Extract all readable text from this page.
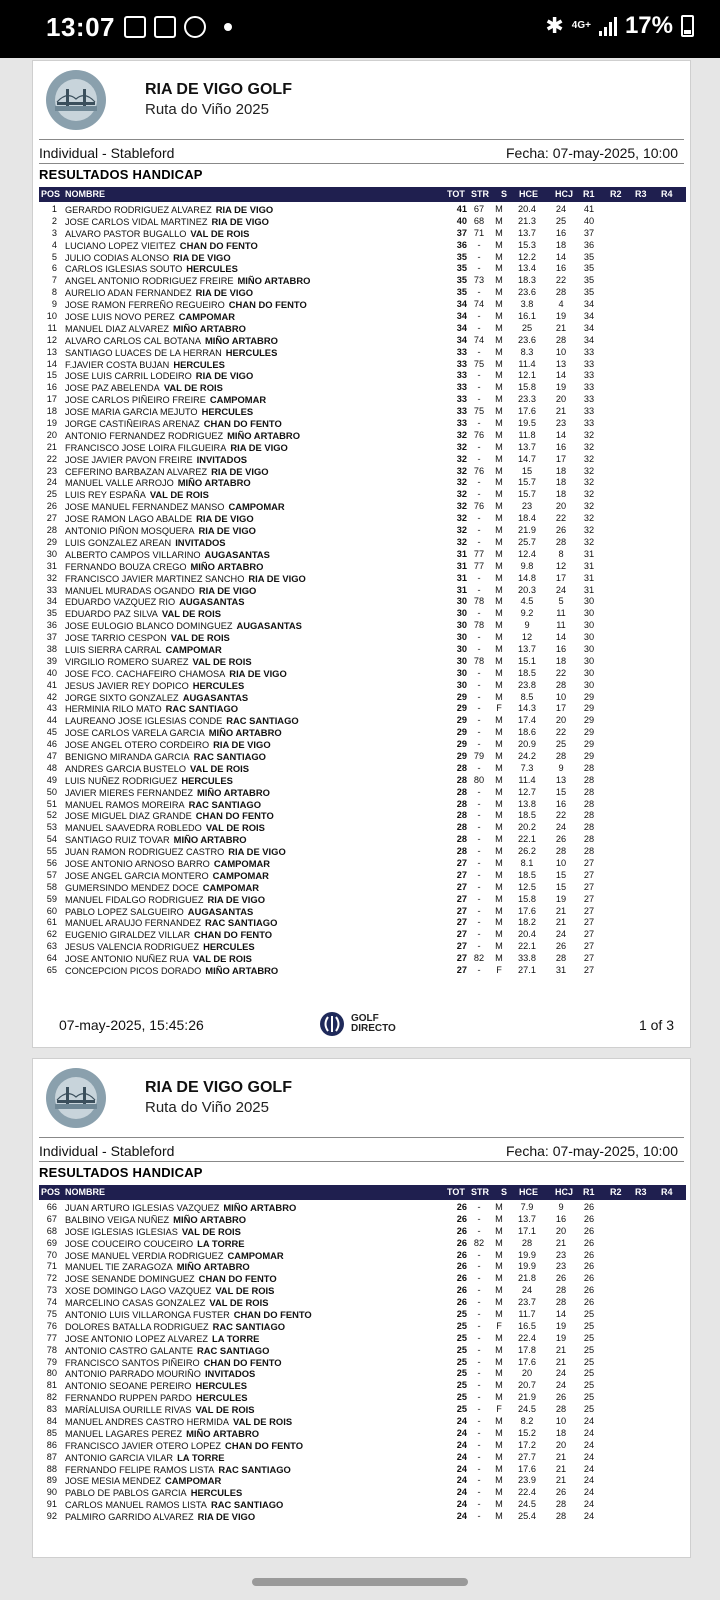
13:07	✱ 4G+ 17%
RIA DE VIGO GOLF
Ruta do Viño 2025
Individual - Stableford	Fecha: 07-may-2025, 10:00
RESULTADOS HANDICAP
POS NOMBRE	TOT STR S HCE HCJ R1 R2 R3 R4
1 GERARDO RODRIGUEZ ALVAREZ RIA DE VIGO	41 67	M	20.4	24	41
2 JOSE CARLOS VIDAL MARTINEZ RIA DE VIGO	40 68	M	21.3	25	40
3 ALVARO PASTOR BUGALLO VAL DE ROIS	37 71	M	13.7	16	37
4 LUCIANO LOPEZ VIEITEZ CHAN DO FENTO	36	-	M	15.3	18	36
5 JULIO CODIAS ALONSO RIA DE VIGO	35	-	M	12.2	14	35
6 CARLOS IGLESIAS SOUTO HERCULES	35	-	M	13.4	16	35
7 ANGEL ANTONIO RODRIGUEZ FREIRE MIÑO ARTABRO	35 73	M	18.3	22	35
8 AURELIO ADAN FERNANDEZ RIA DE VIGO	35	-	M	23.6	28	35
9 JOSE RAMON FERREÑO REGUEIRO CHAN DO FENTO	34 74	M	3.8	4	34
10 JOSE LUIS NOVO PEREZ CAMPOMAR	34	-	M	16.1	19	34
11 MANUEL DIAZ ALVAREZ MIÑO ARTABRO	34	-	M	25	21	34
12 ALVARO CARLOS CAL BOTANA MIÑO ARTABRO	34 74	M	23.6	28	34
13 SANTIAGO LUACES DE LA HERRAN HERCULES	33	-	M	8.3	10	33
14 F.JAVIER COSTA BUJAN HERCULES	33 75	M	11.4	13	33
15 JOSE LUIS CARRIL LODEIRO RIA DE VIGO	33	-	M	12.1	14	33
16 JOSE PAZ ABELENDA VAL DE ROIS	33	-	M	15.8	19	33
17 JOSE CARLOS PIÑEIRO FREIRE CAMPOMAR	33	-	M	23.3	20	33
18 JOSE MARIA GARCIA MEJUTO HERCULES	33 75	M	17.6	21	33
19 JORGE CASTIÑEIRAS ARENAZ CHAN DO FENTO	33	-	M	19.5	23	33
20 ANTONIO FERNANDEZ RODRIGUEZ MIÑO ARTABRO	32 76	M	11.8	14	32
21 FRANCISCO JOSE LOIRA FILGUEIRA RIA DE VIGO	32	-	M	13.7	16	32
22 JOSE JAVIER PAVON FREIRE INVITADOS	32	-	M	14.7	17	32
23 CEFERINO BARBAZAN ALVAREZ RIA DE VIGO	32 76	M	15	18	32
24 MANUEL VALLE ARROJO MIÑO ARTABRO	32	-	M	15.7	18	32
25 LUIS REY ESPAÑA VAL DE ROIS	32	-	M	15.7	18	32
26 JOSE MANUEL FERNANDEZ MANSO CAMPOMAR	32 76	M	23	20	32
27 JOSE RAMON LAGO ABALDE RIA DE VIGO	32	-	M	18.4	22	32
28 ANTONIO PIÑON MOSQUERA RIA DE VIGO	32	-	M	21.9	26	32
29 LUIS GONZALEZ AREAN INVITADOS	32	-	M	25.7	28	32
30 ALBERTO CAMPOS VILLARINO AUGASANTAS	31 77	M	12.4	8	31
31 FERNANDO BOUZA CREGO MIÑO ARTABRO	31 77	M	9.8	12	31
32 FRANCISCO JAVIER MARTINEZ SANCHO RIA DE VIGO	31	-	M	14.8	17	31
33 MANUEL MURADAS OGANDO RIA DE VIGO	31	-	M	20.3	24	31
34 EDUARDO VAZQUEZ RIO AUGASANTAS	30 78	M	4.5	5	30
35 EDUARDO PAZ SILVA VAL DE ROIS	30	-	M	9.2	11	30
36 JOSE EULOGIO BLANCO DOMINGUEZ AUGASANTAS	30 78	M	9	11	30
37 JOSE TARRIO CESPON VAL DE ROIS	30	-	M	12	14	30
38 LUIS SIERRA CARRAL CAMPOMAR	30	-	M	13.7	16	30
39 VIRGILIO ROMERO SUAREZ VAL DE ROIS	30 78	M	15.1	18	30
40 JOSE FCO. CACHAFEIRO CHAMOSA RIA DE VIGO	30	-	M	18.5	22	30
41 JESUS JAVIER REY DOPICO HERCULES	30	-	M	23.8	28	30
42 JORGE SIXTO GONZALEZ AUGASANTAS	29	-	M	8.5	10	29
43 HERMINIA RILO MATO RAC SANTIAGO	29	-	F	14.3	17	29
44 LAUREANO JOSE IGLESIAS CONDE RAC SANTIAGO	29	-	M	17.4	20	29
45 JOSE CARLOS VARELA GARCIA MIÑO ARTABRO	29	-	M	18.6	22	29
46 JOSE ANGEL OTERO CORDEIRO RIA DE VIGO	29	-	M	20.9	25	29
47 BENIGNO MIRANDA GARCIA RAC SANTIAGO	29 79	M	24.2	28	29
48 ANDRES GARCIA BUSTELO VAL DE ROIS	28	-	M	7.3	9	28
49 LUIS NUÑEZ RODRIGUEZ HERCULES	28 80	M	11.4	13	28
50 JAVIER MIERES FERNANDEZ MIÑO ARTABRO	28	-	M	12.7	15	28
51 MANUEL RAMOS MOREIRA RAC SANTIAGO	28	-	M	13.8	16	28
52 JOSE MIGUEL DIAZ GRANDE CHAN DO FENTO	28	-	M	18.5	22	28
53 MANUEL SAAVEDRA ROBLEDO VAL DE ROIS	28	-	M	20.2	24	28
54 SANTIAGO RUIZ TOVAR MIÑO ARTABRO	28	-	M	22.1	26	28
55 JUAN RAMON RODRIGUEZ CASTRO RIA DE VIGO	28	-	M	26.2	28	28
56 JOSE ANTONIO ARNOSO BARRO CAMPOMAR	27	-	M	8.1	10	27
57 JOSE ANGEL GARCIA MONTERO CAMPOMAR	27	-	M	18.5	15	27
58 GUMERSINDO MENDEZ DOCE CAMPOMAR	27	-	M	12.5	15	27
59 MANUEL FIDALGO RODRIGUEZ RIA DE VIGO	27	-	M	15.8	19	27
60 PABLO LOPEZ SALGUEIRO AUGASANTAS	27	-	M	17.6	21	27
61 MANUEL ARAUJO FERNANDEZ RAC SANTIAGO	27	-	M	18.2	21	27
62 EUGENIO GIRALDEZ VILLAR CHAN DO FENTO	27	-	M	20.4	24	27
63 JESUS VALENCIA RODRIGUEZ HERCULES	27	-	M	22.1	26	27
64 JOSE ANTONIO NUÑEZ RUA VAL DE ROIS	27 82	M	33.8	28	27
65 CONCEPCION PICOS DORADO MIÑO ARTABRO	27	-	F	27.1	31	27
07-may-2025, 15:45:26	GOLF
DIRECTO	1 of 3
RIA DE VIGO GOLF
Ruta do Viño 2025
Individual - Stableford	Fecha: 07-may-2025, 10:00
RESULTADOS HANDICAP
POS NOMBRE	TOT STR S HCE HCJ R1 R2 R3 R4
66 JUAN ARTURO IGLESIAS VAZQUEZ MIÑO ARTABRO	26	-	M	7.9	9	26
67 BALBINO VEIGA NUÑEZ MIÑO ARTABRO	26	-	M	13.7	16	26
68 JOSE IGLESIAS IGLESIAS VAL DE ROIS	26	-	M	17.1	20	26
69 JOSE COUCEIRO COUCEIRO LA TORRE	26 82	M	28	21	26
70 JOSE MANUEL VERDIA RODRIGUEZ CAMPOMAR	26	-	M	19.9	23	26
71 MANUEL TIE ZARAGOZA MIÑO ARTABRO	26	-	M	19.9	23	26
72 JOSE SENANDE DOMINGUEZ CHAN DO FENTO	26	-	M	21.8	26	26
73 XOSE DOMINGO LAGO VAZQUEZ VAL DE ROIS	26	-	M	24	28	26
74 MARCELINO CASAS GONZALEZ VAL DE ROIS	26	-	M	23.7	28	26
75 ANTONIO LUIS VILLARONGA FUSTER CHAN DO FENTO	25	-	M	11.7	14	25
76 DOLORES BATALLA RODRIGUEZ RAC SANTIAGO	25	-	F	16.5	19	25
77 JOSE ANTONIO LOPEZ ALVAREZ LA TORRE	25	-	M	22.4	19	25
78 ANTONIO CASTRO GALANTE RAC SANTIAGO	25	-	M	17.8	21	25
79 FRANCISCO SANTOS PIÑEIRO CHAN DO FENTO	25	-	M	17.6	21	25
80 ANTONIO PARRADO MOURIÑO INVITADOS	25	-	M	20	24	25
81 ANTONIO SEOANE PEREIRO HERCULES	25	-	M	20.7	24	25
82 FERNANDO RUPPEN PARDO HERCULES	25	-	M	21.9	26	25
83 MARÍALUISA OURILLE RIVAS VAL DE ROIS	25	-	F	24.5	28	25
84 MANUEL ANDRES CASTRO HERMIDA VAL DE ROIS	24	-	M	8.2	10	24
85 MANUEL LAGARES PEREZ MIÑO ARTABRO	24	-	M	15.2	18	24
86 FRANCISCO JAVIER OTERO LOPEZ CHAN DO FENTO	24	-	M	17.2	20	24
87 ANTONIO GARCIA VILAR LA TORRE	24	-	M	27.7	21	24
88 FERNANDO FELIPE RAMOS LISTA RAC SANTIAGO	24	-	M	17.6	21	24
89 JOSE MESIA MENDEZ CAMPOMAR	24	-	M	23.9	21	24
90 PABLO DE PABLOS GARCIA HERCULES	24	-	M	22.4	26	24
91 CARLOS MANUEL RAMOS LISTA RAC SANTIAGO	24	-	M	24.5	28	24
92 PALMIRO GARRIDO ALVAREZ RIA DE VIGO	24	-	M	25.4	28	24
